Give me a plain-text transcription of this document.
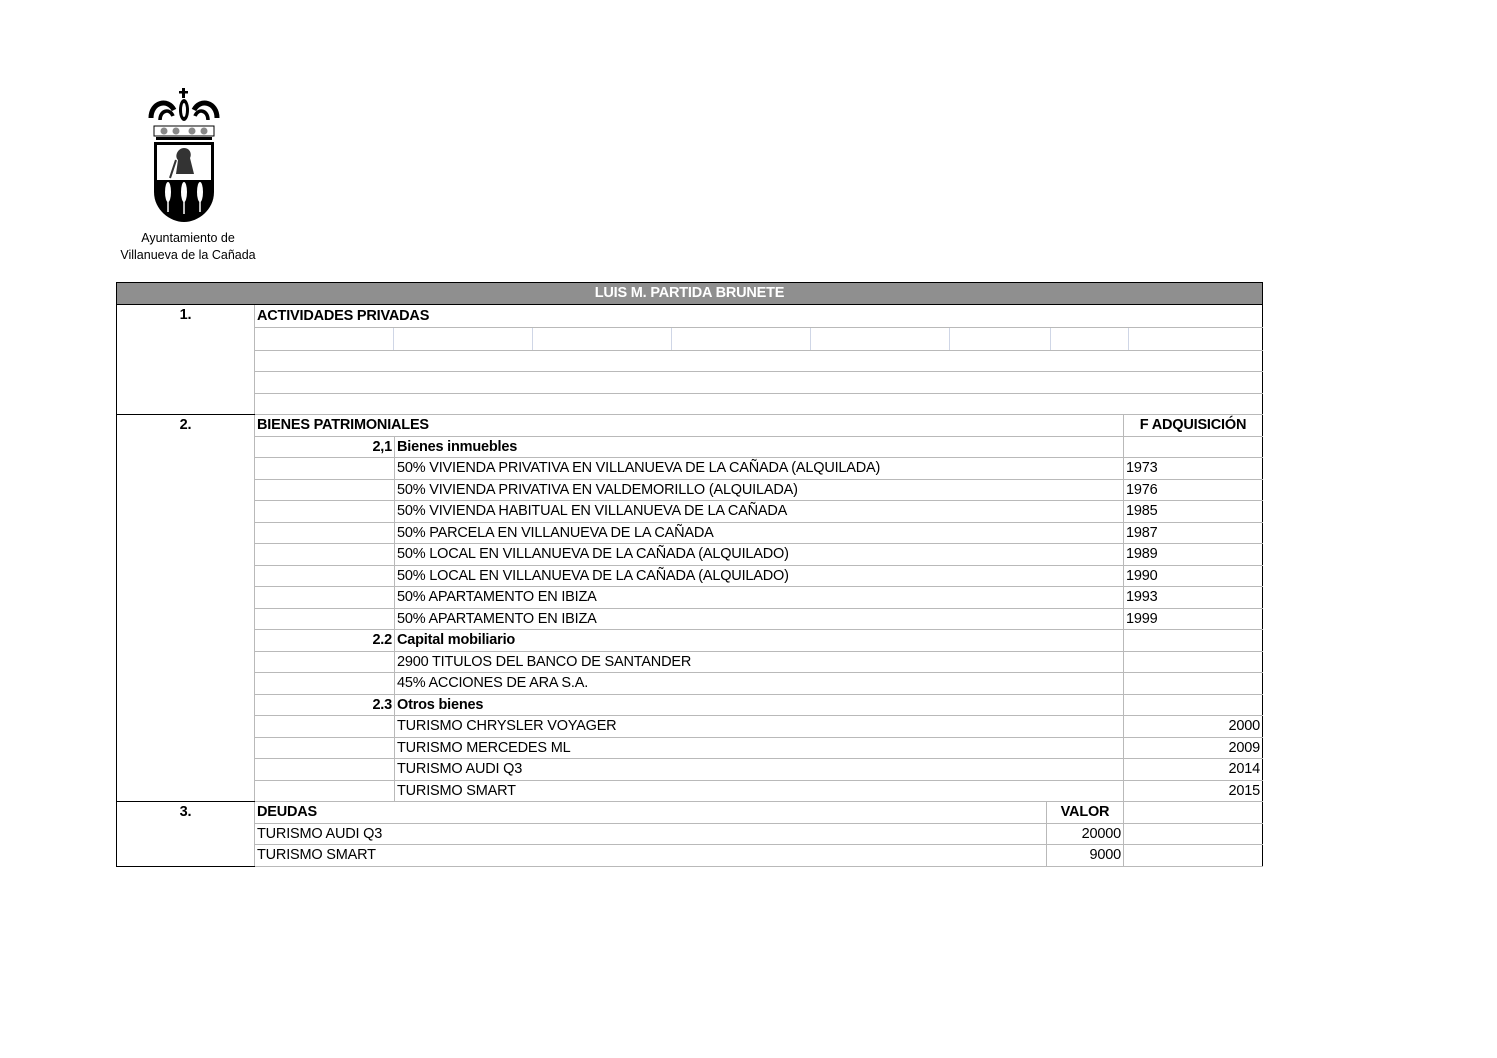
Ayuntamiento de
Villanueva de la Cañada
LUIS M. PARTIDA BRUNETE				
1.	ACTIVIDADES PRIVADAS			

2.	BIENES PATRIMONIALES			F ADQUISICIÓN
	2,1	Bienes inmuebles		
		50% VIVIENDA PRIVATIVA EN VILLANUEVA DE LA CAÑADA (ALQUILADA)		1973
		50% VIVIENDA PRIVATIVA EN VALDEMORILLO (ALQUILADA)		1976
		50% VIVIENDA HABITUAL EN VILLANUEVA DE LA CAÑADA		1985
		50% PARCELA EN VILLANUEVA DE LA CAÑADA		1987
		50% LOCAL EN VILLANUEVA DE LA CAÑADA (ALQUILADO)		1989
		50% LOCAL EN VILLANUEVA DE LA CAÑADA (ALQUILADO)		1990
		50% APARTAMENTO EN IBIZA		1993
		50% APARTAMENTO EN IBIZA		1999
	2.2	Capital mobiliario		
		2900 TITULOS DEL BANCO DE SANTANDER		
		45% ACCIONES DE ARA S.A.		
	2.3	Otros bienes		
		TURISMO CHRYSLER VOYAGER		2000
		TURISMO MERCEDES ML		2009
		TURISMO AUDI Q3		2014
		TURISMO SMART		2015
3.	DEUDAS		VALOR	
	TURISMO AUDI Q3		20000	
	TURISMO SMART		9000	
